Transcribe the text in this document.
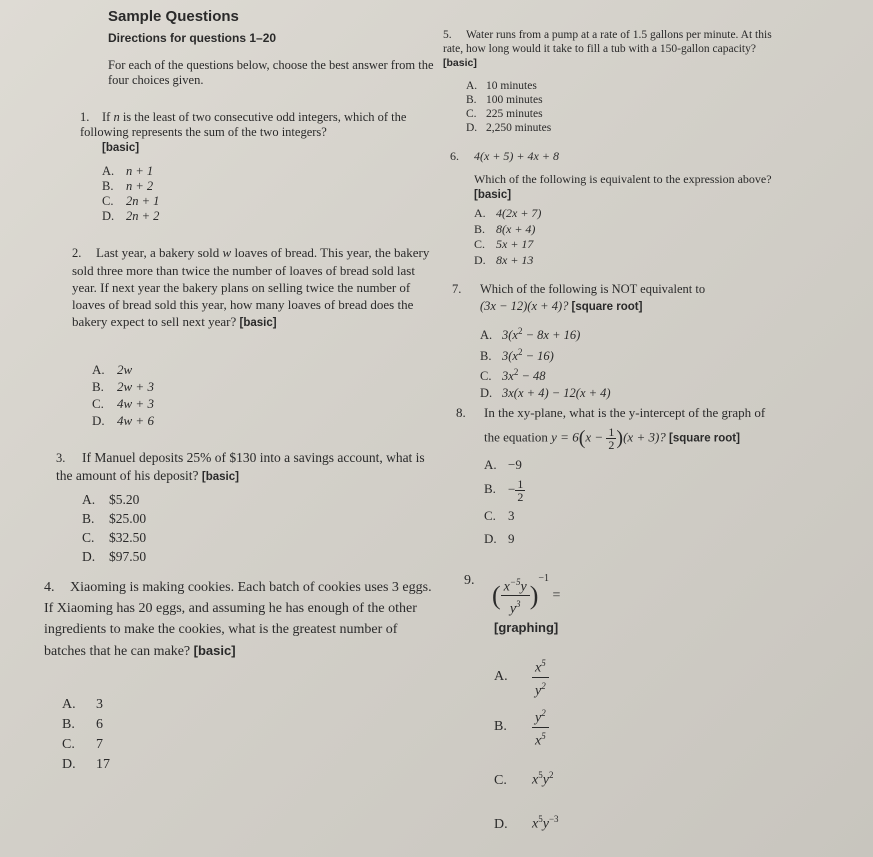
Sample Questions
Directions for questions 1–20
For each of the questions below, choose the best answer from the four choices given.
1. If n is the least of two consecutive odd integers, which of the following represents the sum of the two integers?
[basic]
A. n + 1
B. n + 2
C. 2n + 1
D. 2n + 2
2. Last year, a bakery sold w loaves of bread. This year, the bakery sold three more than twice the number of loaves of bread sold last year. If next year the bakery plans on selling twice the number of loaves of bread sold this year, how many loaves of bread does the bakery expect to sell next year? [basic]
A. 2w
B. 2w + 3
C. 4w + 3
D. 4w + 6
3. If Manuel deposits 25% of $130 into a savings account, what is the amount of his deposit? [basic]
A. $5.20
B. $25.00
C. $32.50
D. $97.50
4. Xiaoming is making cookies. Each batch of cookies uses 3 eggs. If Xiaoming has 20 eggs, and assuming he has enough of the other ingredients to make the cookies, what is the greatest number of batches that he can make? [basic]
A. 3
B. 6
C. 7
D. 17
5. Water runs from a pump at a rate of 1.5 gallons per minute. At this rate, how long would it take to fill a tub with a 150-gallon capacity? [basic]
A. 10 minutes
B. 100 minutes
C. 225 minutes
D. 2,250 minutes
6. 4(x + 5) + 4x + 8
Which of the following is equivalent to the expression above? [basic]
A. 4(2x + 7)
B. 8(x + 4)
C. 5x + 17
D. 8x + 13
7. Which of the following is NOT equivalent to
(3x − 12)(x + 4)? [square root]
A. $3(x^2 - 8x + 16)$
B. $3(x^2 - 16)$
C. $3x^2 - 48$
D. 3x(x + 4) − 12(x + 4)
8. In the xy-plane, what is the y-intercept of the graph of
the equation $y = 6(x - \frac{1}{2} )(x + 3)$? [square root]
A. −9
B. − $\frac{1}{2}$
C. 3
D. 9
$9.( \frac{x^{-5}y}{y^3} )^{-1}$ =
[graphing]
A. $\frac{x^5}{y^2}$
B. $\frac{y^2}{x^5}$
C. $x^5y^2$
D. $x^5y^{-3}$
